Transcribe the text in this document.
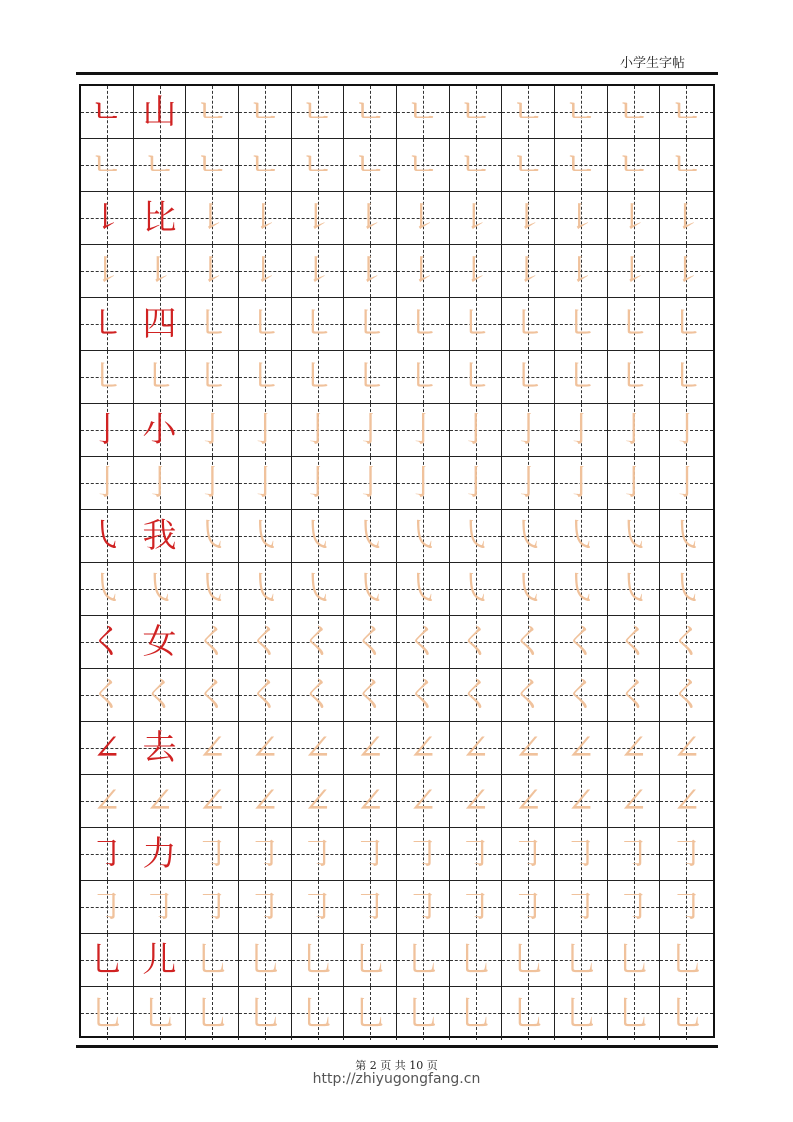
小学生字帖
ㄴ 山 ㄴ ㄴ ㄴ ㄴ ㄴ ㄴ ㄴ ㄴ ㄴ ㄴ
ㄴ ㄴ ㄴ ㄴ ㄴ ㄴ ㄴ ㄴ ㄴ ㄴ ㄴ ㄴ
㇙ 比 ㇙ ㇙ ㇙ ㇙ ㇙ ㇙ ㇙ ㇙ ㇙ ㇙
㇙ ㇙ ㇙ ㇙ ㇙ ㇙ ㇙ ㇙ ㇙ ㇙ ㇙ ㇙
㇄ 四 ㇄ ㇄ ㇄ ㇄ ㇄ ㇄ ㇄ ㇄ ㇄ ㇄
㇄ ㇄ ㇄ ㇄ ㇄ ㇄ ㇄ ㇄ ㇄ ㇄ ㇄ ㇄
亅 小 亅 亅 亅 亅 亅 亅 亅 亅 亅 亅
亅 亅 亅 亅 亅 亅 亅 亅 亅 亅 亅 亅
㇂ 我 ㇂ ㇂ ㇂ ㇂ ㇂ ㇂ ㇂ ㇂ ㇂ ㇂
㇂ ㇂ ㇂ ㇂ ㇂ ㇂ ㇂ ㇂ ㇂ ㇂ ㇂ ㇂
く 女 く く く く く く く く く く
く く く く く く く く く く く く
∠ 去 ∠ ∠ ∠ ∠ ∠ ∠ ∠ ∠ ∠ ∠
∠ ∠ ∠ ∠ ∠ ∠ ∠ ∠ ∠ ∠ ∠ ∠
㇆ 力 ㇆ ㇆ ㇆ ㇆ ㇆ ㇆ ㇆ ㇆ ㇆ ㇆
㇆ ㇆ ㇆ ㇆ ㇆ ㇆ ㇆ ㇆ ㇆ ㇆ ㇆ ㇆
乚 儿 乚 乚 乚 乚 乚 乚 乚 乚 乚 乚
乚 乚 乚 乚 乚 乚 乚 乚 乚 乚 乚 乚
第 2 页 共 10 页
http://zhiyugongfang.cn
